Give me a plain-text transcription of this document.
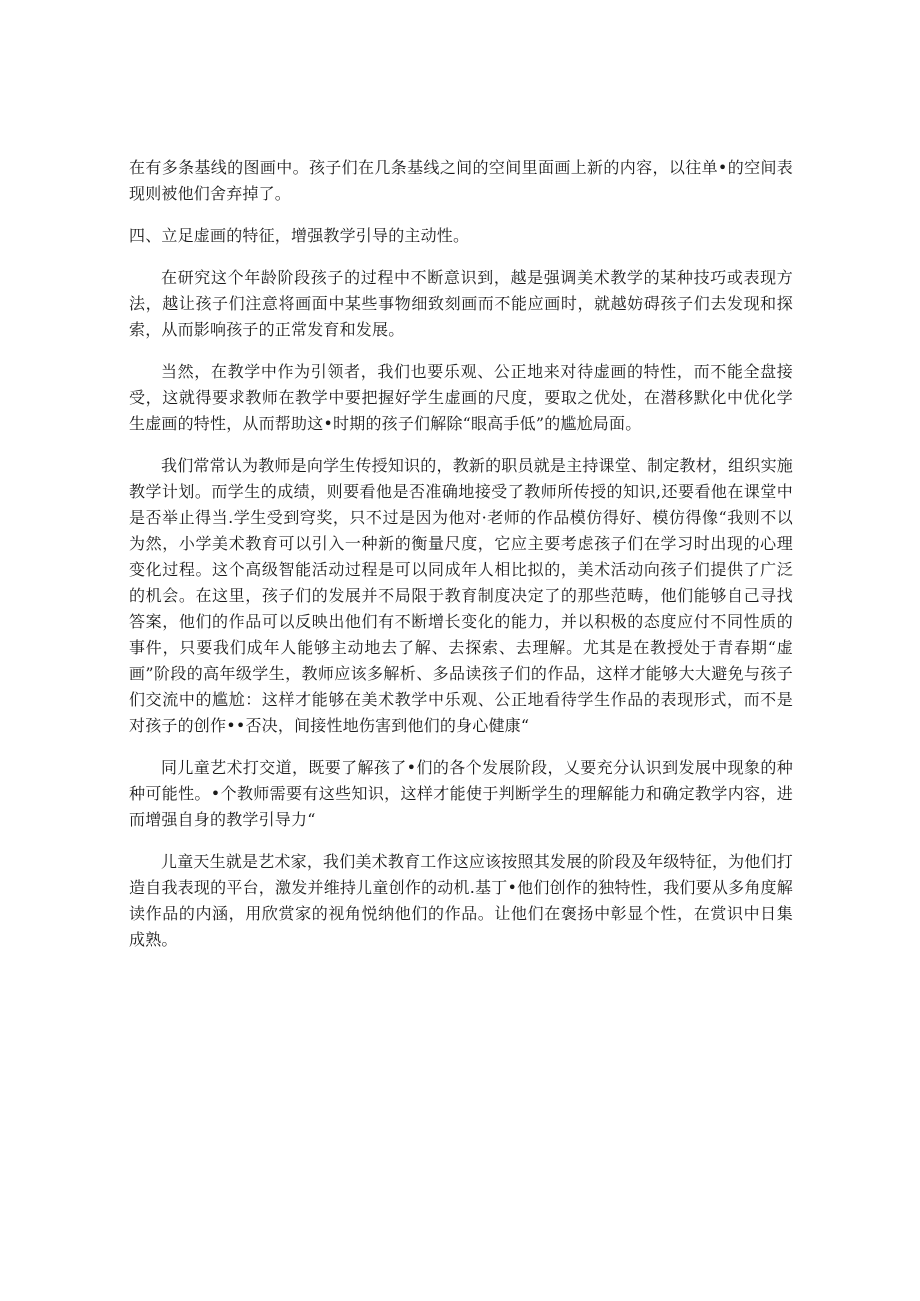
在有多条基线的图画中。孩子们在几条基线之间的空间里面画上新的内容，以往单•的空间表现则被他们舍弃掉了。

四、立足虚画的特征，增强教学引导的主动性。

在研究这个年龄阶段孩子的过程中不断意识到，越是强调美术教学的某种技巧或表现方法，越让孩子们注意将画面中某些事物细致刻画而不能应画时，就越妨碍孩子们去发现和探索，从而影响孩子的正常发育和发展。

当然，在教学中作为引领者，我们也要乐观、公正地来对待虚画的特性，而不能全盘接受，这就得要求教师在教学中要把握好学生虚画的尺度，要取之优处，在潜移默化中优化学生虚画的特性，从而帮助这•时期的孩子们解除“眼高手低”的尴尬局面。

我们常常认为教师是向学生传授知识的，教新的职员就是主持课堂、制定教材，组织实施教学计划。而学生的成绩，则要看他是否准确地接受了教师所传授的知识,还要看他在课堂中是否举止得当.学生受到穹奖，只不过是因为他对·老师的作品模仿得好、模仿得像“我则不以为然，小学美术教育可以引入一种新的衡量尺度，它应主要考虑孩子们在学习时出现的心理变化过程。这个高级智能活动过程是可以同成年人相比拟的，美术活动向孩子们提供了广泛的机会。在这里，孩子们的发展并不局限于教育制度决定了的那些范畴，他们能够自己寻找答案，他们的作品可以反映出他们有不断增长变化的能力，并以积极的态度应付不同性质的事件，只要我们成年人能够主动地去了解、去探索、去理解。尤其是在教授处于青春期“虚画”阶段的高年级学生，教师应该多解析、多品读孩子们的作品，这样才能够大大避免与孩子们交流中的尴尬：这样才能够在美术教学中乐观、公正地看待学生作品的表现形式，而不是对孩子的创作••否决，间接性地伤害到他们的身心健康“

同儿童艺术打交道，既要了解孩了•们的各个发展阶段，乂要充分认识到发展中现象的种种可能性。•个教师需要有这些知识，这样才能使于判断学生的理解能力和确定教学内容，进而增强自身的教学引导力“

儿童天生就是艺术家，我们美术教育工作这应该按照其发展的阶段及年级特征，为他们打造自我表现的平台，激发并维持儿童创作的动机.基丁•他们创作的独特性，我们要从多角度解读作品的内涵，用欣赏家的视角悦纳他们的作品。让他们在褒扬中彰显个性，在赏识中日集成熟。
